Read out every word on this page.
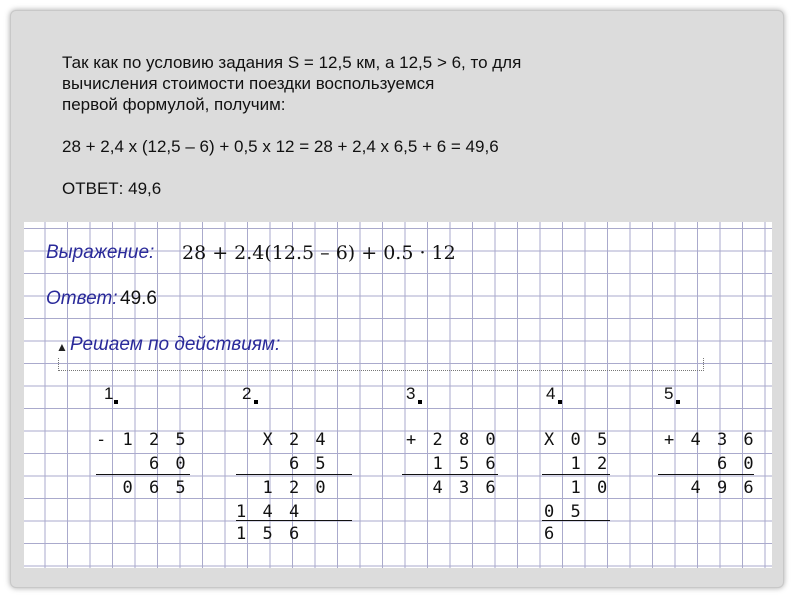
Так как по условию задания S = 12,5 км, а 12,5 > 6, то для
вычисления стоимости поездки воспользуемся
первой формулой, получим:
28 + 2,4 х (12,5 – 6) + 0,5 х 12 = 28 + 2,4 х 6,5 + 6 = 49,6
ОТВЕТ: 49,6
Выражение: 28 + 2.4(12.5 – 6) + 0.5 · 12
Ответ: 49.6
▲ Решаем по действиям:
1
- 1 2 5
6 0
0 6 5
2
Х 2 4
6 5
1 2 0
1 4 4
1 5 6
3
+ 2 8 0
1 5 6
4 3 6
4
Х 0 5
1 2
1 0
0 5
6
5
+ 4 3 6
6 0
4 9 6
